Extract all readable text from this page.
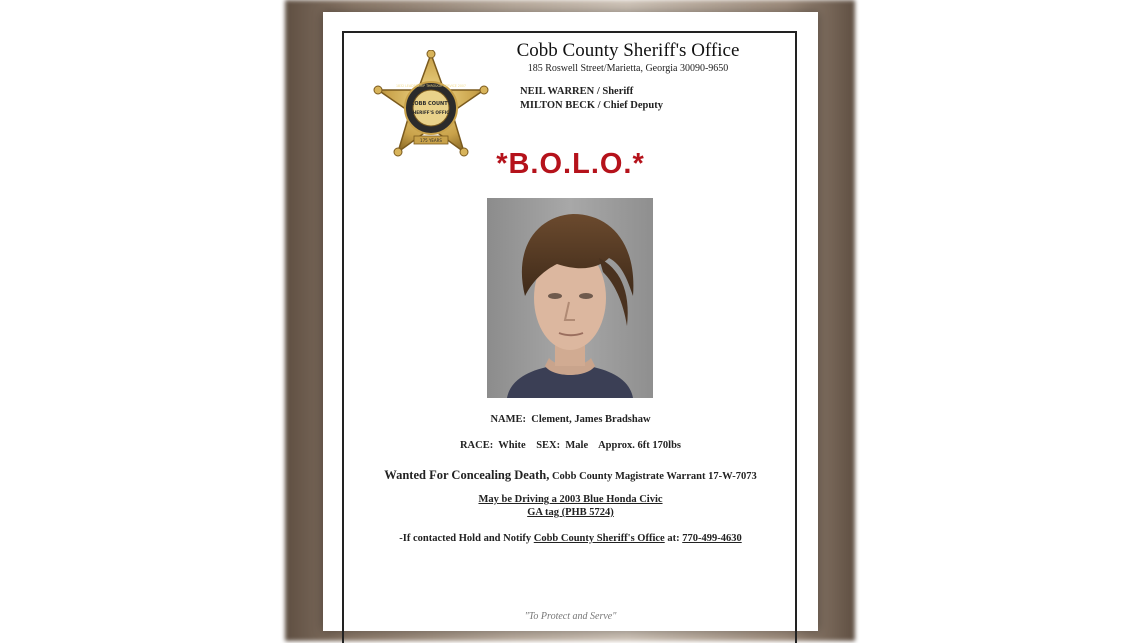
1832 LEADERSHIP THROUGH SERVICE 2007
COBB COUNTY
SHERIFF'S OFFICE
175 YEARS
Cobb County Sheriff's Office
185 Roswell Street/Marietta, Georgia 30090-9650
NEIL WARREN / Sheriff
MILTON BECK / Chief Deputy
*B.O.L.O.*
NAME: Clement, James Bradshaw
RACE: White SEX: Male Approx. 6ft 170lbs
Wanted For Concealing Death, Cobb County Magistrate Warrant 17-W-7073
May be Driving a 2003 Blue Honda Civic
GA tag (PHB 5724)
-If contacted Hold and Notify Cobb County Sheriff's Office at: 770-499-4630
"To Protect and Serve"
